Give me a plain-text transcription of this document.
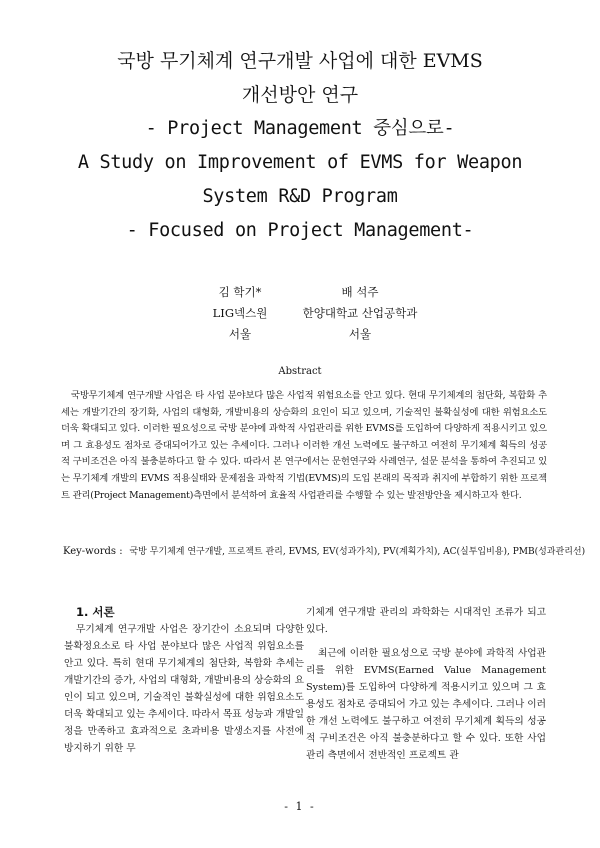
국방 무기체계 연구개발 사업에 대한 EVMS
개선방안 연구
- Project Management 중심으로-
A Study on Improvement of EVMS for Weapon
System R&D Program
- Focused on Project Management-
김 학기*
LIG넥스원
서울
배 석주
한양대학교 산업공학과
서울
Abstract
국방무기체계 연구개발 사업은 타 사업 분야보다 많은 사업적 위험요소를 안고 있다. 현대 무기체계의 첨단화, 복합화 추세는 개발기간의 장기화, 사업의 대형화, 개발비용의 상승화의 요인이 되고 있으며, 기술적인 불확실성에 대한 위험요소도 더욱 확대되고 있다. 이러한 필요성으로 국방 분야에 과학적 사업관리를 위한 EVMS를 도입하여 다양하게 적용시키고 있으며 그 효용성도 점차로 증대되어가고 있는 추세이다. 그러나 이러한 개선 노력에도 불구하고 여전히 무기체계 획득의 성공적 구비조건은 아직 불충분하다고 할 수 있다. 따라서 본 연구에서는 문헌연구와 사례연구, 설문 분석을 통하여 추진되고 있는 무기체계 개발의 EVMS 적용실태와 문제점을 과학적 기법(EVMS)의 도입 본래의 목적과 취지에 부합하기 위한 프로젝트 관리(Project Management)측면에서 분석하여 효율적 사업관리를 수행할 수 있는 발전방안을 제시하고자 한다.
Key-words : 국방 무기체계 연구개발, 프로젝트 관리, EVMS, EV(성과가치), PV(계획가치), AC(실투입비용), PMB(성과관리선)
1. 서론

무기체계 연구개발 사업은 장기간이 소요되며 다양한 불확정요소로 타 사업 분야보다 많은 사업적 위험요소를 안고 있다. 특히 현대 무기체계의 첨단화, 복합화 추세는 개발기간의 증가, 사업의 대형화, 개발비용의 상승화의 요인이 되고 있으며, 기술적인 불확실성에 대한 위험요소도 더욱 확대되고 있는 추세이다. 따라서 목표 성능과 개발일정을 만족하고 효과적으로 초과비용 발생소지를 사전에 방지하기 위한 무

기체계 연구개발 관리의 과학화는 시대적인 조류가 되고 있다.

최근에 이러한 필요성으로 국방 분야에 과학적 사업관리를 위한 EVMS(Earned Value Management System)를 도입하여 다양하게 적용시키고 있으며 그 효용성도 점차로 증대되어 가고 있는 추세이다. 그러나 이러한 개선 노력에도 불구하고 여전히 무기체계 획득의 성공적 구비조건은 아직 불충분하다고 할 수 있다. 또한 사업관리 측면에서 전반적인 프로젝트 관

- 1 -
